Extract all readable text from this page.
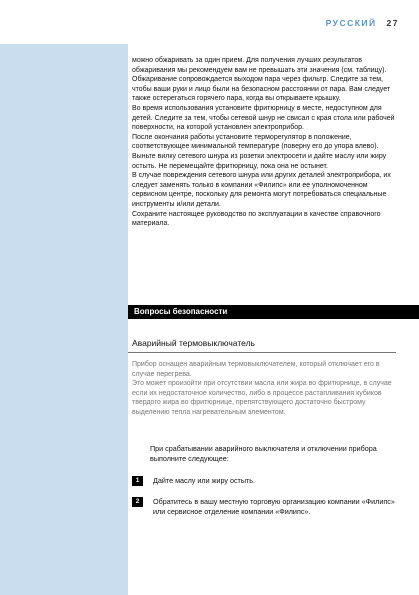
РУССКИЙ 27

можно обжаривать за один прием. Для получения лучших результатов обжаривания мы рекомендуем вам не превышать эти значения (см. таблицу).

Обжаривание сопровождается выходом пара через фильтр. Следите за тем, чтобы ваши руки и лицо были на безопасном расстоянии от пара. Вам следует также остерегаться горячего пара, когда вы открываете крышку.

Во время использования установите фритюрницу в месте, недоступном для детей. Следите за тем, чтобы сетевой шнур не свисал с края стола или рабочей поверхности, на которой установлен электроприбор.

После окончания работы установите терморегулятор в положение, соответствующее минимальной температуре (поверну его до упора влево). Выньте вилку сетевого шнура из розетки электросети и дайте маслу или жиру остыть. Не перемещайте фритюрницу, пока она не остынет.

В случае повреждения сетевого шнура или других деталей электроприбора, их следует заменять только в компании «Филипс» или ее уполномоченном сервисном центре, поскольку для ремонта могут потребоваться специальные инструменты и/или детали.

Сохраните настоящее руководство по эксплуатации в качестве справочного материала.

Вопросы безопасности
Аварийный термовыключатель

Прибор оснащен аварийным термовыключателем, который отключает его в случае перегрева.

Это может произойти при отсутствии масла или жира во фритюрнице, в случае если их недостаточное количество, либо в процессе растапливания кубиков твердого жира во фритюрнице, препятствующего достаточно быстрому выделению тепла нагревательным элементом.

При срабатывании аварийного выключателя и отключении прибора выполните следующее:
1	Дайте маслу или жиру остыть.
2	Обратитесь в вашу местную торговую организацию компании «Филипс» или сервисное отделение компании «Филипс».
